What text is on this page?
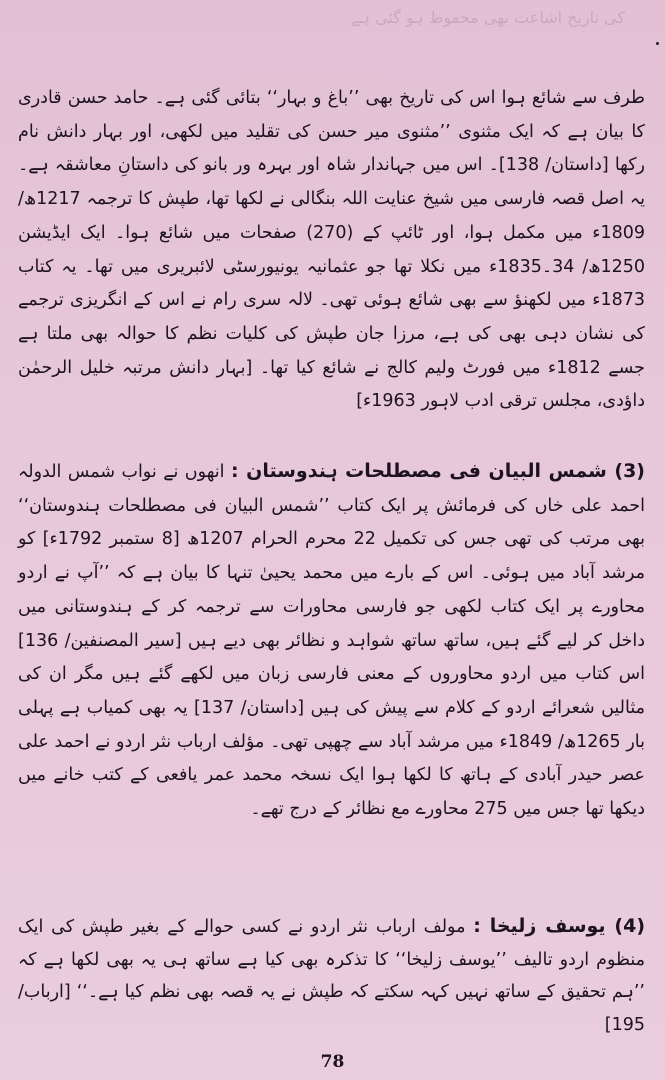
کی تاریخ اشاعت بھی محفوظ ہو گئی ہے

طرف سے شائع ہوا اس کی تاریخ بھی ’’باغ و بہار‘‘ بتائی گئی ہے۔ حامد حسن قادری کا بیان ہے کہ ایک مثنوی ’’مثنوی میر حسن کی تقلید میں لکھی، اور بہار دانش نام رکھا [داستان/ 138]۔ اس میں جہاندار شاہ اور بہرہ ور بانو کی داستانِ معاشقہ ہے۔ یہ اصل قصہ فارسی میں شیخ عنایت اللہ بنگالی نے لکھا تھا، طپش کا ترجمہ 1217ھ/ 1809ء میں مکمل ہوا، اور ٹائپ کے (270) صفحات میں شائع ہوا۔ ایک ایڈیشن 1250ھ/ 34۔1835ء میں نکلا تھا جو عثمانیہ یونیورسٹی لائبریری میں تھا۔ یہ کتاب 1873ء میں لکھنؤ سے بھی شائع ہوئی تھی۔ لالہ سری رام نے اس کے انگریزی ترجمے کی نشان دہی بھی کی ہے، مرزا جان طپش کی کلیات نظم کا حوالہ بھی ملتا ہے جسے 1812ء میں فورٹ ولیم کالج نے شائع کیا تھا۔ [بہار دانش مرتبہ خلیل الرحمٰن داؤدی، مجلس ترقی ادب لاہور 1963ء]

(3) شمس البیان فی مصطلحات ہندوستان : انھوں نے نواب شمس الدولہ احمد علی خاں کی فرمائش پر ایک کتاب ’’شمس البیان فی مصطلحات ہندوستان‘‘ بھی مرتب کی تھی جس کی تکمیل 22 محرم الحرام 1207ھ [8 ستمبر 1792ء] کو مرشد آباد میں ہوئی۔ اس کے بارے میں محمد یحییٰ تنہا کا بیان ہے کہ ’’آپ نے اردو محاورے پر ایک کتاب لکھی جو فارسی محاورات سے ترجمہ کر کے ہندوستانی میں داخل کر لیے گئے ہیں، ساتھ ساتھ شواہد و نظائر بھی دیے ہیں [سیر المصنفین/ 136] اس کتاب میں اردو محاوروں کے معنی فارسی زبان میں لکھے گئے ہیں مگر ان کی مثالیں شعرائے اردو کے کلام سے پیش کی ہیں [داستان/ 137] یہ بھی کمیاب ہے پہلی بار 1265ھ/ 1849ء میں مرشد آباد سے چھپی تھی۔ مؤلف ارباب نثر اردو نے احمد علی عصر حیدر آبادی کے ہاتھ کا لکھا ہوا ایک نسخہ محمد عمر یافعی کے کتب خانے میں دیکھا تھا جس میں 275 محاورے مع نظائر کے درج تھے۔

(4) یوسف زلیخا : مولف ارباب نثر اردو نے کسی حوالے کے بغیر طپش کی ایک منظوم اردو تالیف ’’یوسف زلیخا‘‘ کا تذکرہ بھی کیا ہے ساتھ ہی یہ بھی لکھا ہے کہ ’’ہم تحقیق کے ساتھ نہیں کہہ سکتے کہ طپش نے یہ قصہ بھی نظم کیا ہے۔‘‘ [ارباب/ 195]

78
